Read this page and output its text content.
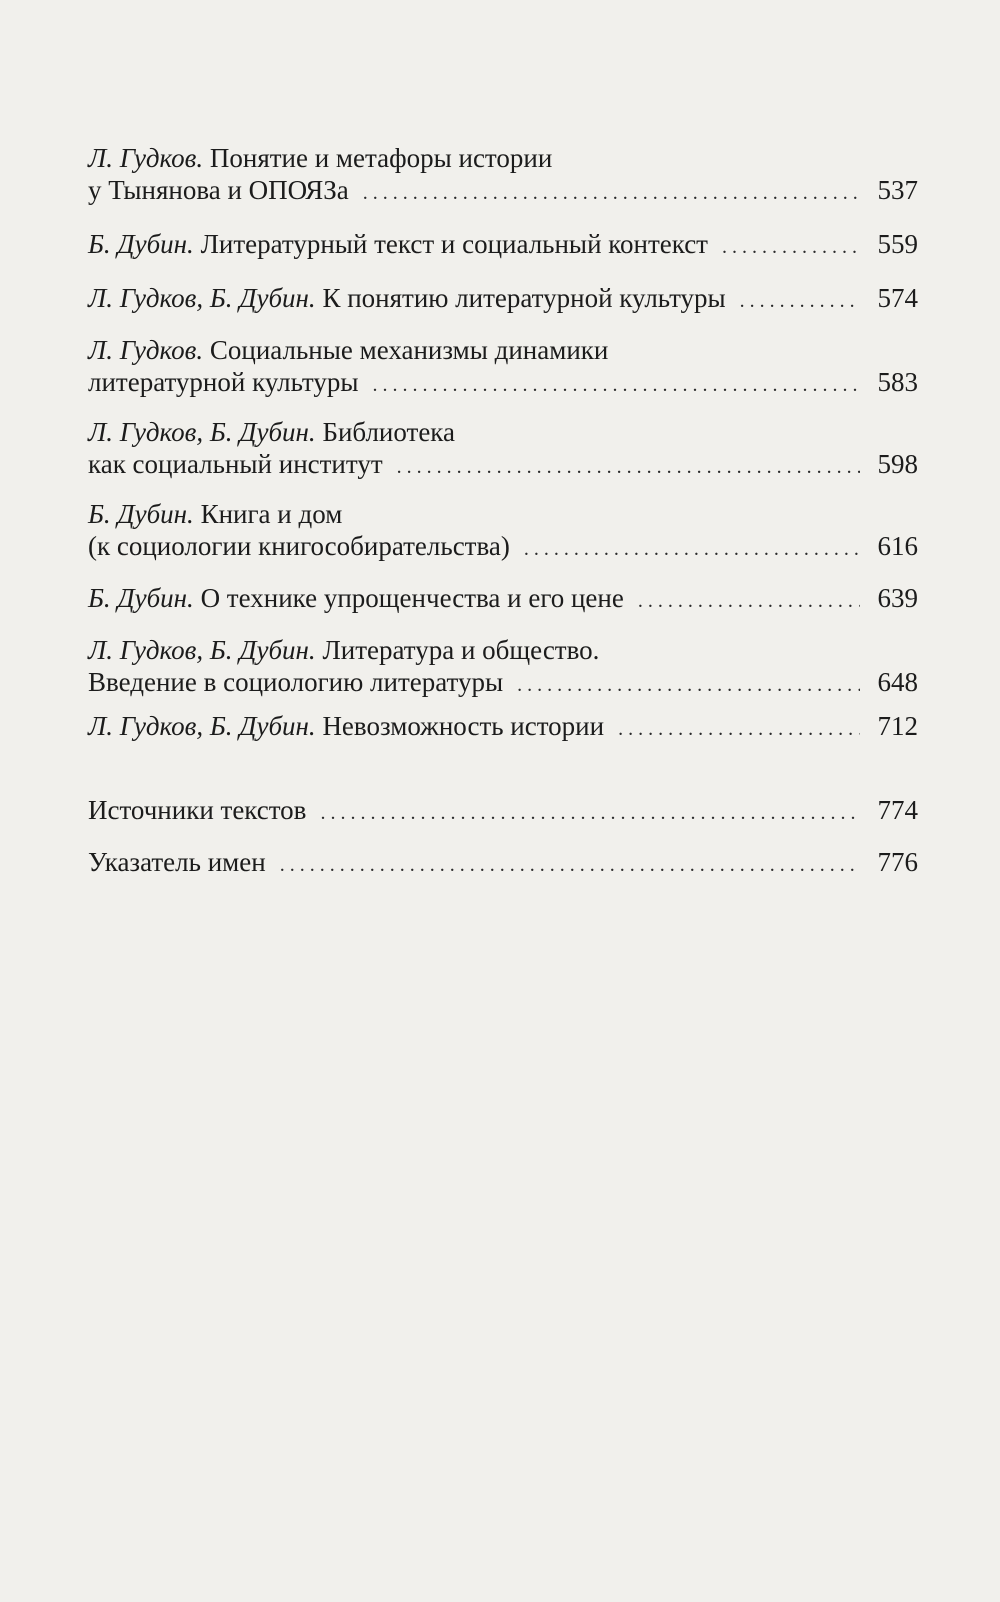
Л. Гудков. Понятие и метафоры истории
у Тынянова и ОПОЯЗа . . .	537
Б. Дубин. Литературный текст и социальный контекст . . .	559
Л. Гудков, Б. Дубин. К понятию литературной культуры . . .	574
Л. Гудков. Социальные механизмы динамики
литературной культуры . . .	583
Л. Гудков, Б. Дубин. Библиотека
как социальный институт . . .	598
Б. Дубин. Книга и дом
(к социологии книгособирательства) . . .	616
Б. Дубин. О технике упрощенчества и его цене . . .	639
Л. Гудков, Б. Дубин. Литература и общество.
Введение в социологию литературы . . .	648
Л. Гудков, Б. Дубин. Невозможность истории . . .	712
Источники текстов . . .	774
Указатель имен . . .	776
